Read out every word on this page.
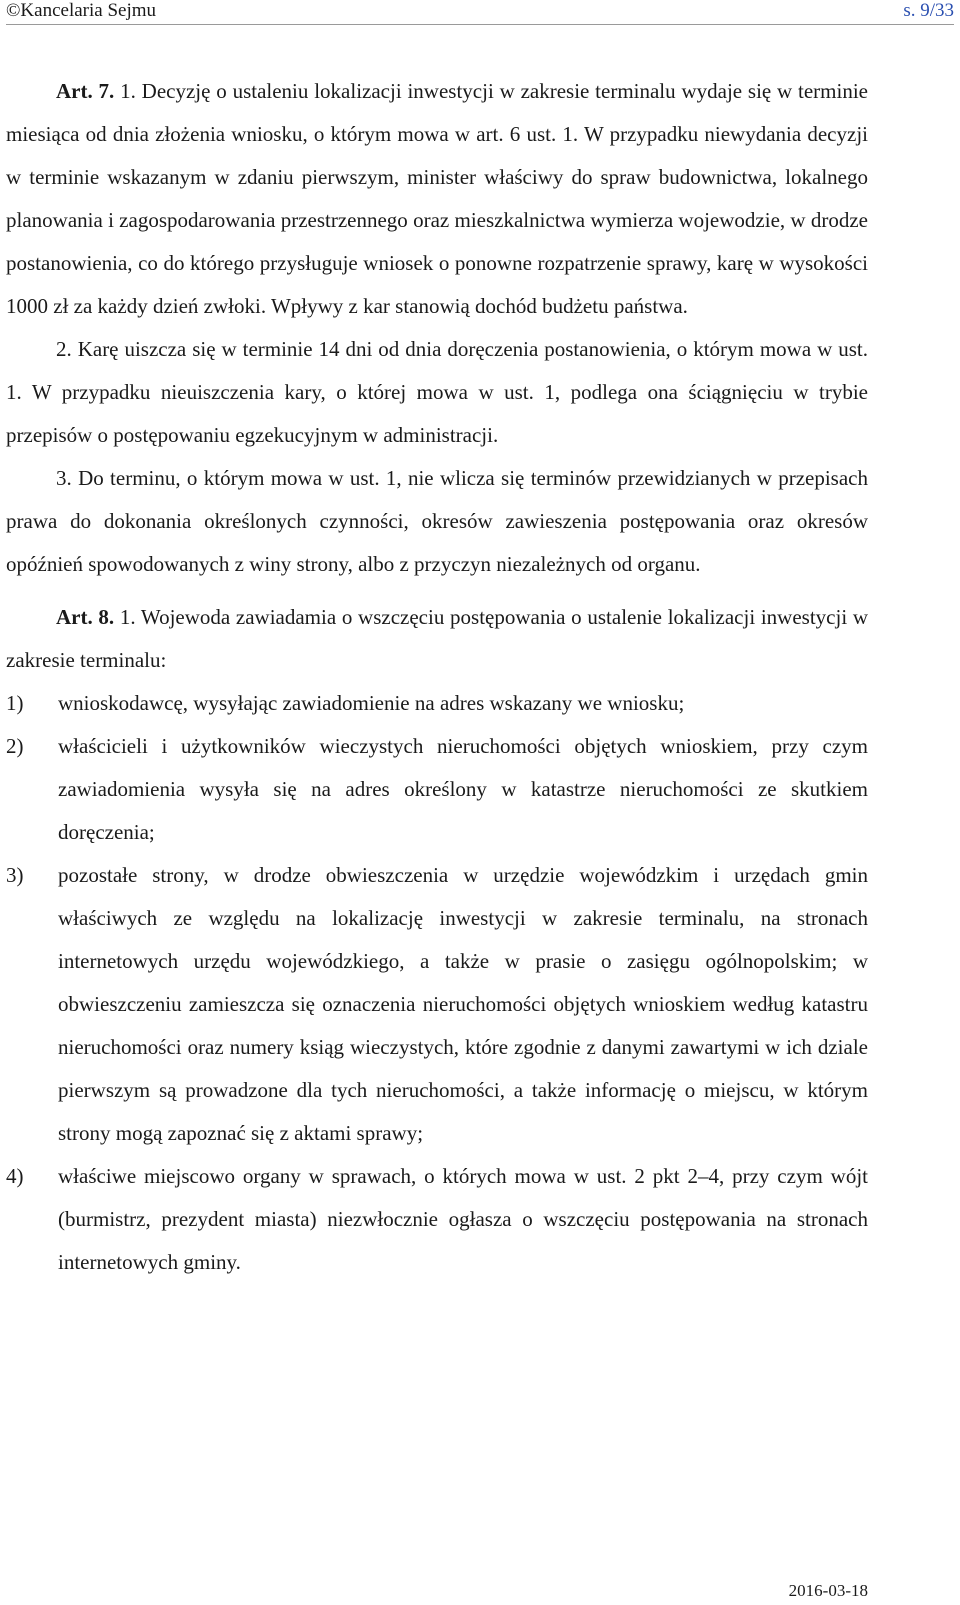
©Kancelaria Sejmu	s. 9/33

Art. 7. 1. Decyzję o ustaleniu lokalizacji inwestycji w zakresie terminalu wydaje się w terminie miesiąca od dnia złożenia wniosku, o którym mowa w art. 6 ust. 1. W przypadku niewydania decyzji w terminie wskazanym w zdaniu pierwszym, minister właściwy do spraw budownictwa, lokalnego planowania i zagospodarowania przestrzennego oraz mieszkalnictwa wymierza wojewodzie, w drodze postanowienia, co do którego przysługuje wniosek o ponowne rozpatrzenie sprawy, karę w wysokości 1000 zł za każdy dzień zwłoki. Wpływy z kar stanowią dochód budżetu państwa.

2. Karę uiszcza się w terminie 14 dni od dnia doręczenia postanowienia, o którym mowa w ust. 1. W przypadku nieuiszczenia kary, o której mowa w ust. 1, podlega ona ściągnięciu w trybie przepisów o postępowaniu egzekucyjnym w administracji.

3. Do terminu, o którym mowa w ust. 1, nie wlicza się terminów przewidzianych w przepisach prawa do dokonania określonych czynności, okresów zawieszenia postępowania oraz okresów opóźnień spowodowanych z winy strony, albo z przyczyn niezależnych od organu.

Art. 8. 1. Wojewoda zawiadamia o wszczęciu postępowania o ustalenie lokalizacji inwestycji w zakresie terminalu:

1) wnioskodawcę, wysyłając zawiadomienie na adres wskazany we wniosku;
2) właścicieli i użytkowników wieczystych nieruchomości objętych wnioskiem, przy czym zawiadomienia wysyła się na adres określony w katastrze nieruchomości ze skutkiem doręczenia;
3) pozostałe strony, w drodze obwieszczenia w urzędzie wojewódzkim i urzędach gmin właściwych ze względu na lokalizację inwestycji w zakresie terminalu, na stronach internetowych urzędu wojewódzkiego, a także w prasie o zasięgu ogólnopolskim; w obwieszczeniu zamieszcza się oznaczenia nieruchomości objętych wnioskiem według katastru nieruchomości oraz numery ksiąg wieczystych, które zgodnie z danymi zawartymi w ich dziale pierwszym są prowadzone dla tych nieruchomości, a także informację o miejscu, w którym strony mogą zapoznać się z aktami sprawy;
4) właściwe miejscowo organy w sprawach, o których mowa w ust. 2 pkt 2–4, przy czym wójt (burmistrz, prezydent miasta) niezwłocznie ogłasza o wszczęciu postępowania na stronach internetowych gminy.
2016-03-18
